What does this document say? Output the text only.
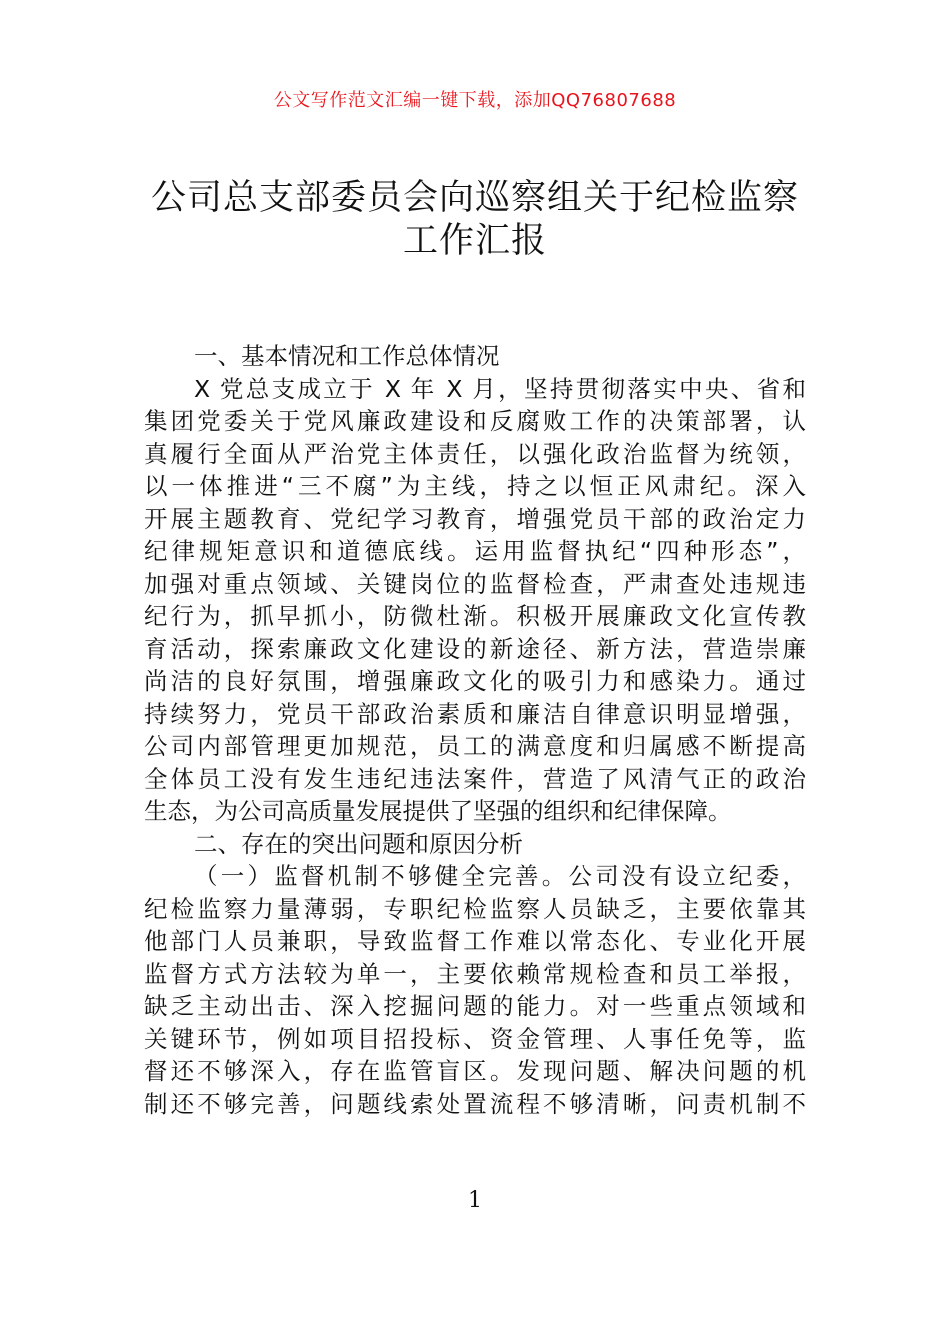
公文写作范文汇编一键下载，添加QQ76807688
公司总支部委员会向巡察组关于纪检监察
工作汇报
一、基本情况和工作总体情况
X 党总支成立于 X 年 X 月，坚持贯彻落实中央、省和
集团党委关于党风廉政建设和反腐败工作的决策部署，认
真履行全面从严治党主体责任，以强化政治监督为统领，
以一体推进“三不腐”为主线，持之以恒正风肃纪。深入
开展主题教育、党纪学习教育，增强党员干部的政治定力
纪律规矩意识和道德底线。运用监督执纪“四种形态”，
加强对重点领域、关键岗位的监督检查，严肃查处违规违
纪行为，抓早抓小，防微杜渐。积极开展廉政文化宣传教
育活动，探索廉政文化建设的新途径、新方法，营造崇廉
尚洁的良好氛围，增强廉政文化的吸引力和感染力。通过
持续努力，党员干部政治素质和廉洁自律意识明显增强，
公司内部管理更加规范，员工的满意度和归属感不断提高
全体员工没有发生违纪违法案件，营造了风清气正的政治
生态，为公司高质量发展提供了坚强的组织和纪律保障。
二、存在的突出问题和原因分析
（一）监督机制不够健全完善。公司没有设立纪委，
纪检监察力量薄弱，专职纪检监察人员缺乏，主要依靠其
他部门人员兼职，导致监督工作难以常态化、专业化开展
监督方式方法较为单一，主要依赖常规检查和员工举报，
缺乏主动出击、深入挖掘问题的能力。对一些重点领域和
关键环节，例如项目招投标、资金管理、人事任免等，监
督还不够深入，存在监管盲区。发现问题、解决问题的机
制还不够完善，问题线索处置流程不够清晰，问责机制不
1
